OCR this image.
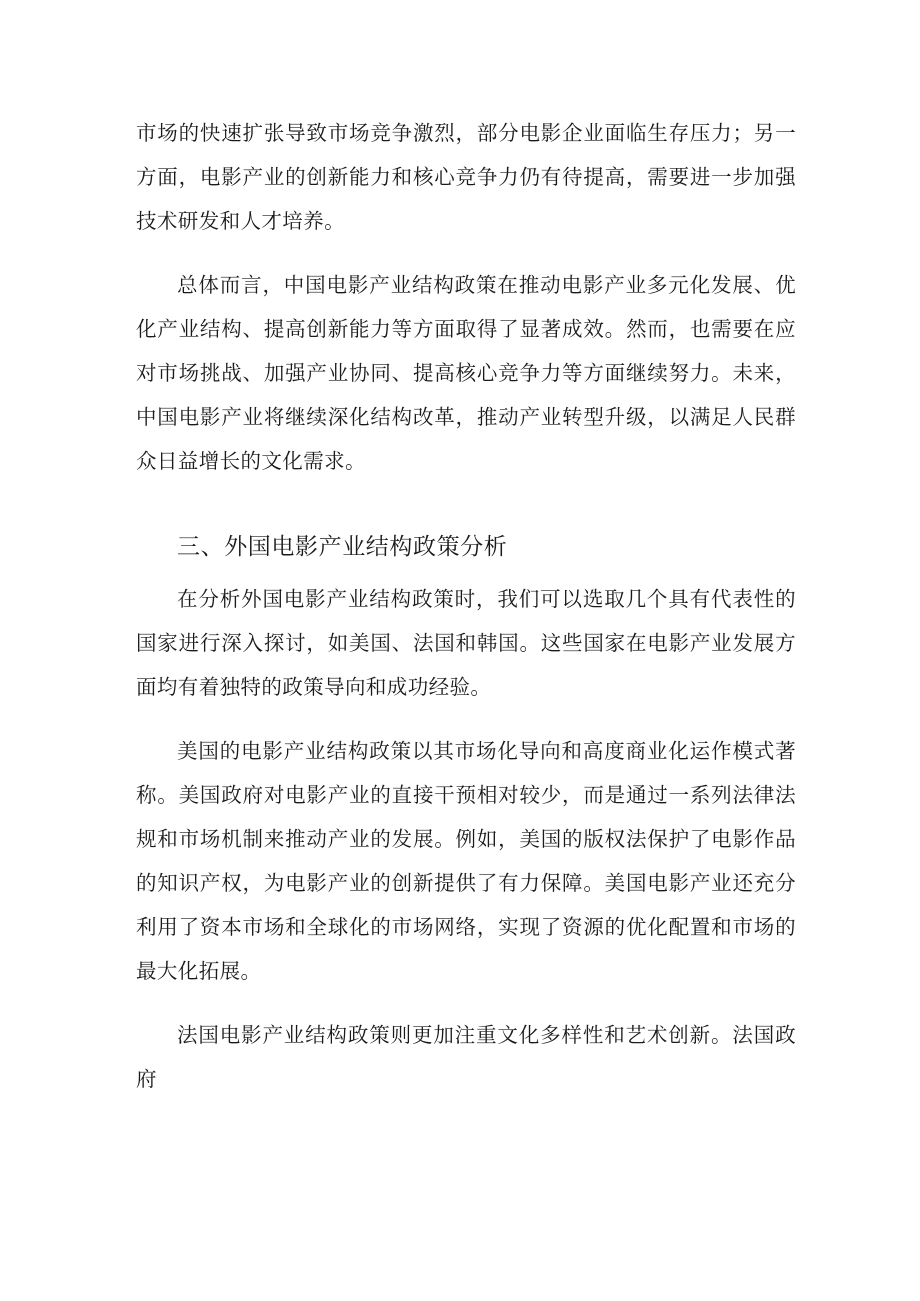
市场的快速扩张导致市场竞争激烈，部分电影企业面临生存压力；另一方面，电影产业的创新能力和核心竞争力仍有待提高，需要进一步加强技术研发和人才培养。

总体而言，中国电影产业结构政策在推动电影产业多元化发展、优化产业结构、提高创新能力等方面取得了显著成效。然而，也需要在应对市场挑战、加强产业协同、提高核心竞争力等方面继续努力。未来，中国电影产业将继续深化结构改革，推动产业转型升级，以满足人民群众日益增长的文化需求。

三、外国电影产业结构政策分析

在分析外国电影产业结构政策时，我们可以选取几个具有代表性的国家进行深入探讨，如美国、法国和韩国。这些国家在电影产业发展方面均有着独特的政策导向和成功经验。

美国的电影产业结构政策以其市场化导向和高度商业化运作模式著称。美国政府对电影产业的直接干预相对较少，而是通过一系列法律法规和市场机制来推动产业的发展。例如，美国的版权法保护了电影作品的知识产权，为电影产业的创新提供了有力保障。美国电影产业还充分利用了资本市场和全球化的市场网络，实现了资源的优化配置和市场的最大化拓展。

法国电影产业结构政策则更加注重文化多样性和艺术创新。法国政府
